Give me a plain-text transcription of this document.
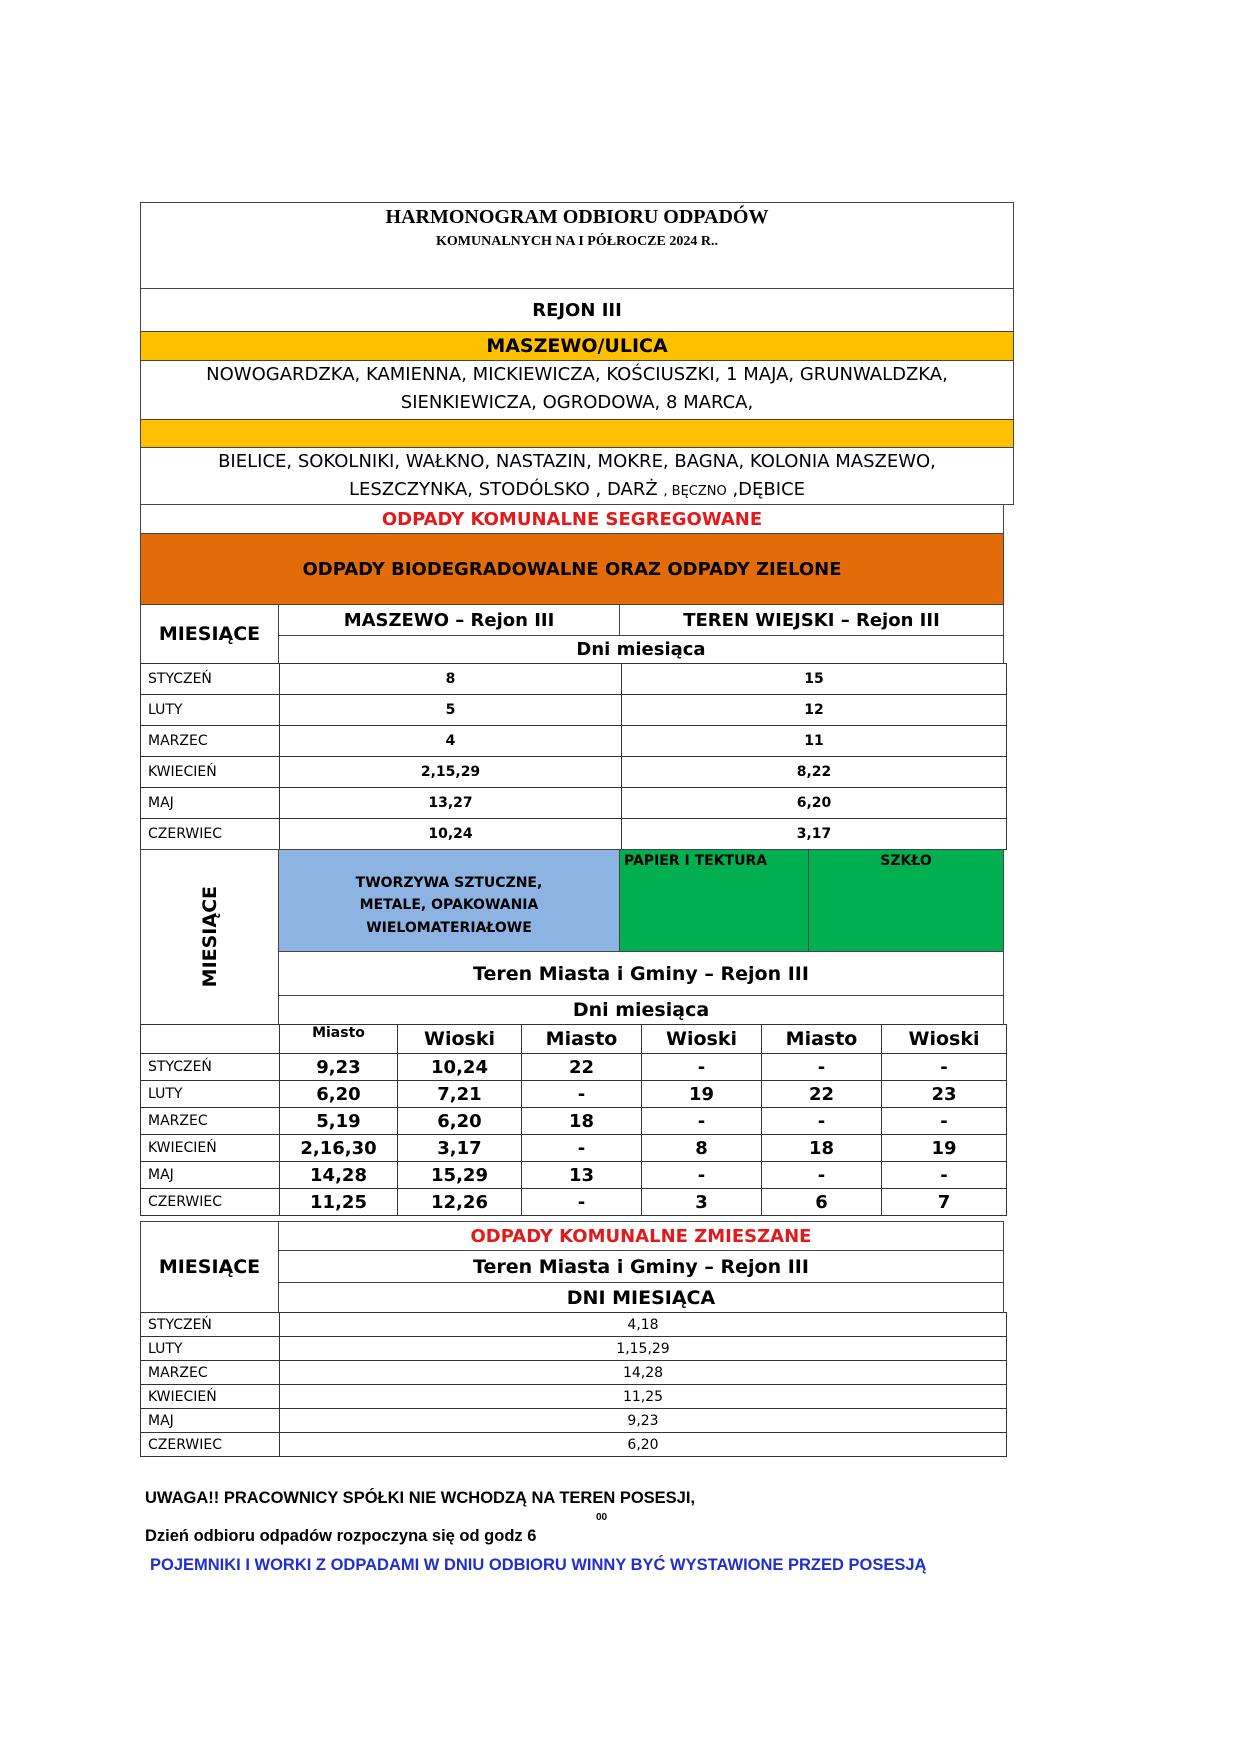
HARMONOGRAM ODBIORU ODPADÓW
KOMUNALNYCH NA I PÓŁROCZE 2024 R..
REJON III
MASZEWO/ULICA
NOWOGARDZKA, KAMIENNA, MICKIEWICZA, KOŚCIUSZKI, 1 MAJA, GRUNWALDZKA,
SIENKIEWICZA, OGRODOWA, 8 MARCA,
BIELICE, SOKOLNIKI, WAŁKNO, NASTAZIN, MOKRE, BAGNA, KOLONIA MASZEWO,
LESZCZYNKA, STODÓLSKO , DARŻ , BĘCZNO ,DĘBICE
ODPADY KOMUNALNE SEGREGOWANE
ODPADY BIODEGRADOWALNE ORAZ ODPADY ZIELONE
MIESIĄCE
MASZEWO – Rejon III	TEREN WIEJSKI – Rejon III
Dni miesiąca
STYCZEŃ	8	15
LUTY	5	12
MARZEC	4	11
KWIECIEŃ	2,15,29	8,22
MAJ	13,27	6,20
CZERWIEC	10,24	3,17
MIESIĄCE
TWORZYWA SZTUCZNE,
METALE, OPAKOWANIA
WIELOMATERIAŁOWE
PAPIER I TEKTURA	SZKŁO
Teren Miasta i Gminy – Rejon III
Dni miesiąca
	Miasto	Wioski	Miasto	Wioski	Miasto	Wioski
STYCZEŃ	9,23	10,24	22	-	-	-
LUTY	6,20	7,21	-	19	22	23
MARZEC	5,19	6,20	18	-	-	-
KWIECIEŃ	2,16,30	3,17	-	8	18	19
MAJ	14,28	15,29	13	-	-	-
CZERWIEC	11,25	12,26	-	3	6	7
MIESIĄCE
ODPADY KOMUNALNE ZMIESZANE
Teren Miasta i Gminy – Rejon III
DNI MIESIĄCA
STYCZEŃ	4,18
LUTY	1,15,29
MARZEC	14,28
KWIECIEŃ	11,25
MAJ	9,23
CZERWIEC	6,20
UWAGA!! PRACOWNICY SPÓŁKI NIE WCHODZĄ NA TEREN POSESJI,
00
Dzień odbioru odpadów rozpoczyna się od godz 6
POJEMNIKI I WORKI Z ODPADAMI W DNIU ODBIORU WINNY BYĆ WYSTAWIONE PRZED POSESJĄ
